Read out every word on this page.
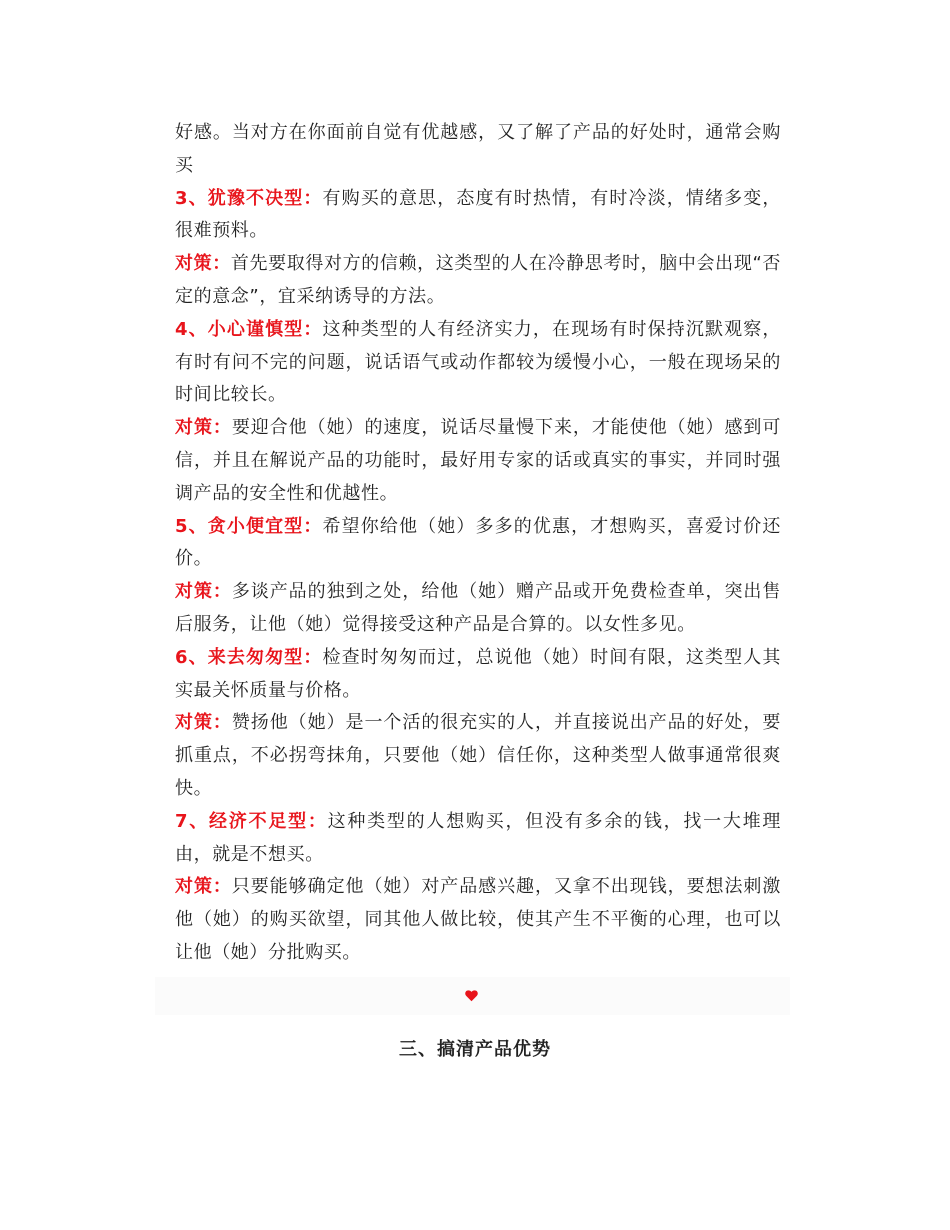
好感。当对方在你面前自觉有优越感，又了解了产品的好处时，通常会购买

3、犹豫不决型：有购买的意思，态度有时热情，有时冷淡，情绪多变，很难预料。

对策：首先要取得对方的信赖，这类型的人在冷静思考时，脑中会出现“否定的意念”，宜采纳诱导的方法。

4、小心谨慎型：这种类型的人有经济实力，在现场有时保持沉默观察，有时有问不完的问题，说话语气或动作都较为缓慢小心，一般在现场呆的时间比较长。

对策：要迎合他（她）的速度，说话尽量慢下来，才能使他（她）感到可信，并且在解说产品的功能时，最好用专家的话或真实的事实，并同时强调产品的安全性和优越性。

5、贪小便宜型：希望你给他（她）多多的优惠，才想购买，喜爱讨价还价。

对策：多谈产品的独到之处，给他（她）赠产品或开免费检查单，突出售后服务，让他（她）觉得接受这种产品是合算的。以女性多见。

6、来去匆匆型：检查时匆匆而过，总说他（她）时间有限，这类型人其实最关怀质量与价格。

对策：赞扬他（她）是一个活的很充实的人，并直接说出产品的好处，要抓重点，不必拐弯抹角，只要他（她）信任你，这种类型人做事通常很爽快。

7、经济不足型：这种类型的人想购买，但没有多余的钱，找一大堆理由，就是不想买。

对策：只要能够确定他（她）对产品感兴趣，又拿不出现钱，要想法刺激他（她）的购买欲望，同其他人做比较，使其产生不平衡的心理，也可以让他（她）分批购买。

三、搞清产品优势
